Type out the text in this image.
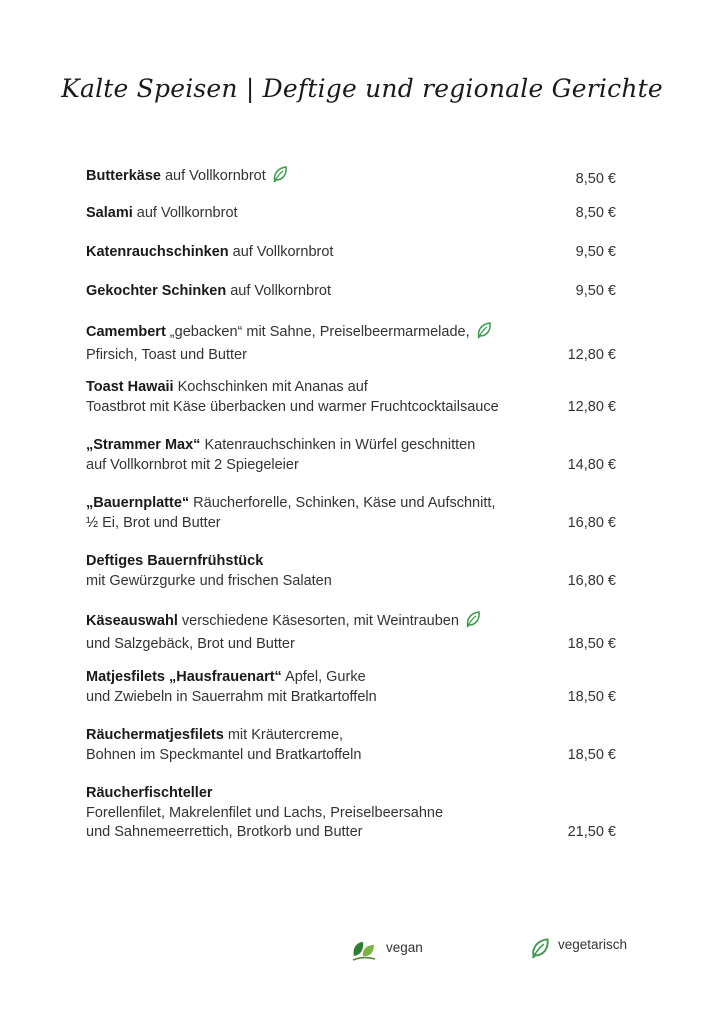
Kalte Speisen | Deftige und regionale Gerichte
Butterkäse auf Vollkornbrot	8,50 €
Salami auf Vollkornbrot	8,50 €
Katenrauchschinken auf Vollkornbrot	9,50 €
Gekochter Schinken auf Vollkornbrot	9,50 €
Camembert „gebacken“ mit Sahne, Preiselbeermarmelade,
Pfirsich, Toast und Butter	12,80 €
Toast Hawaii Kochschinken mit Ananas auf
Toastbrot mit Käse überbacken und warmer Fruchtcocktailsauce	12,80 €
„Strammer Max“ Katenrauchschinken in Würfel geschnitten
auf Vollkornbrot mit 2 Spiegeleier	14,80 €
„Bauernplatte“ Räucherforelle, Schinken, Käse und Aufschnitt,
½ Ei, Brot und Butter	16,80 €
Deftiges Bauernfrühstück
mit Gewürzgurke und frischen Salaten	16,80 €
Käseauswahl verschiedene Käsesorten, mit Weintrauben
und Salzgebäck, Brot und Butter	18,50 €
Matjesfilets „Hausfrauenart“ Apfel, Gurke
und Zwiebeln in Sauerrahm mit Bratkartoffeln	18,50 €
Räuchermatjesfilets mit Kräutercreme,
Bohnen im Speckmantel und Bratkartoffeln	18,50 €
Räucherfischteller
Forellenfilet, Makrelenfilet und Lachs, Preiselbeersahne
und Sahnemeerrettich, Brotkorb und Butter	21,50 €
vegan	vegetarisch
